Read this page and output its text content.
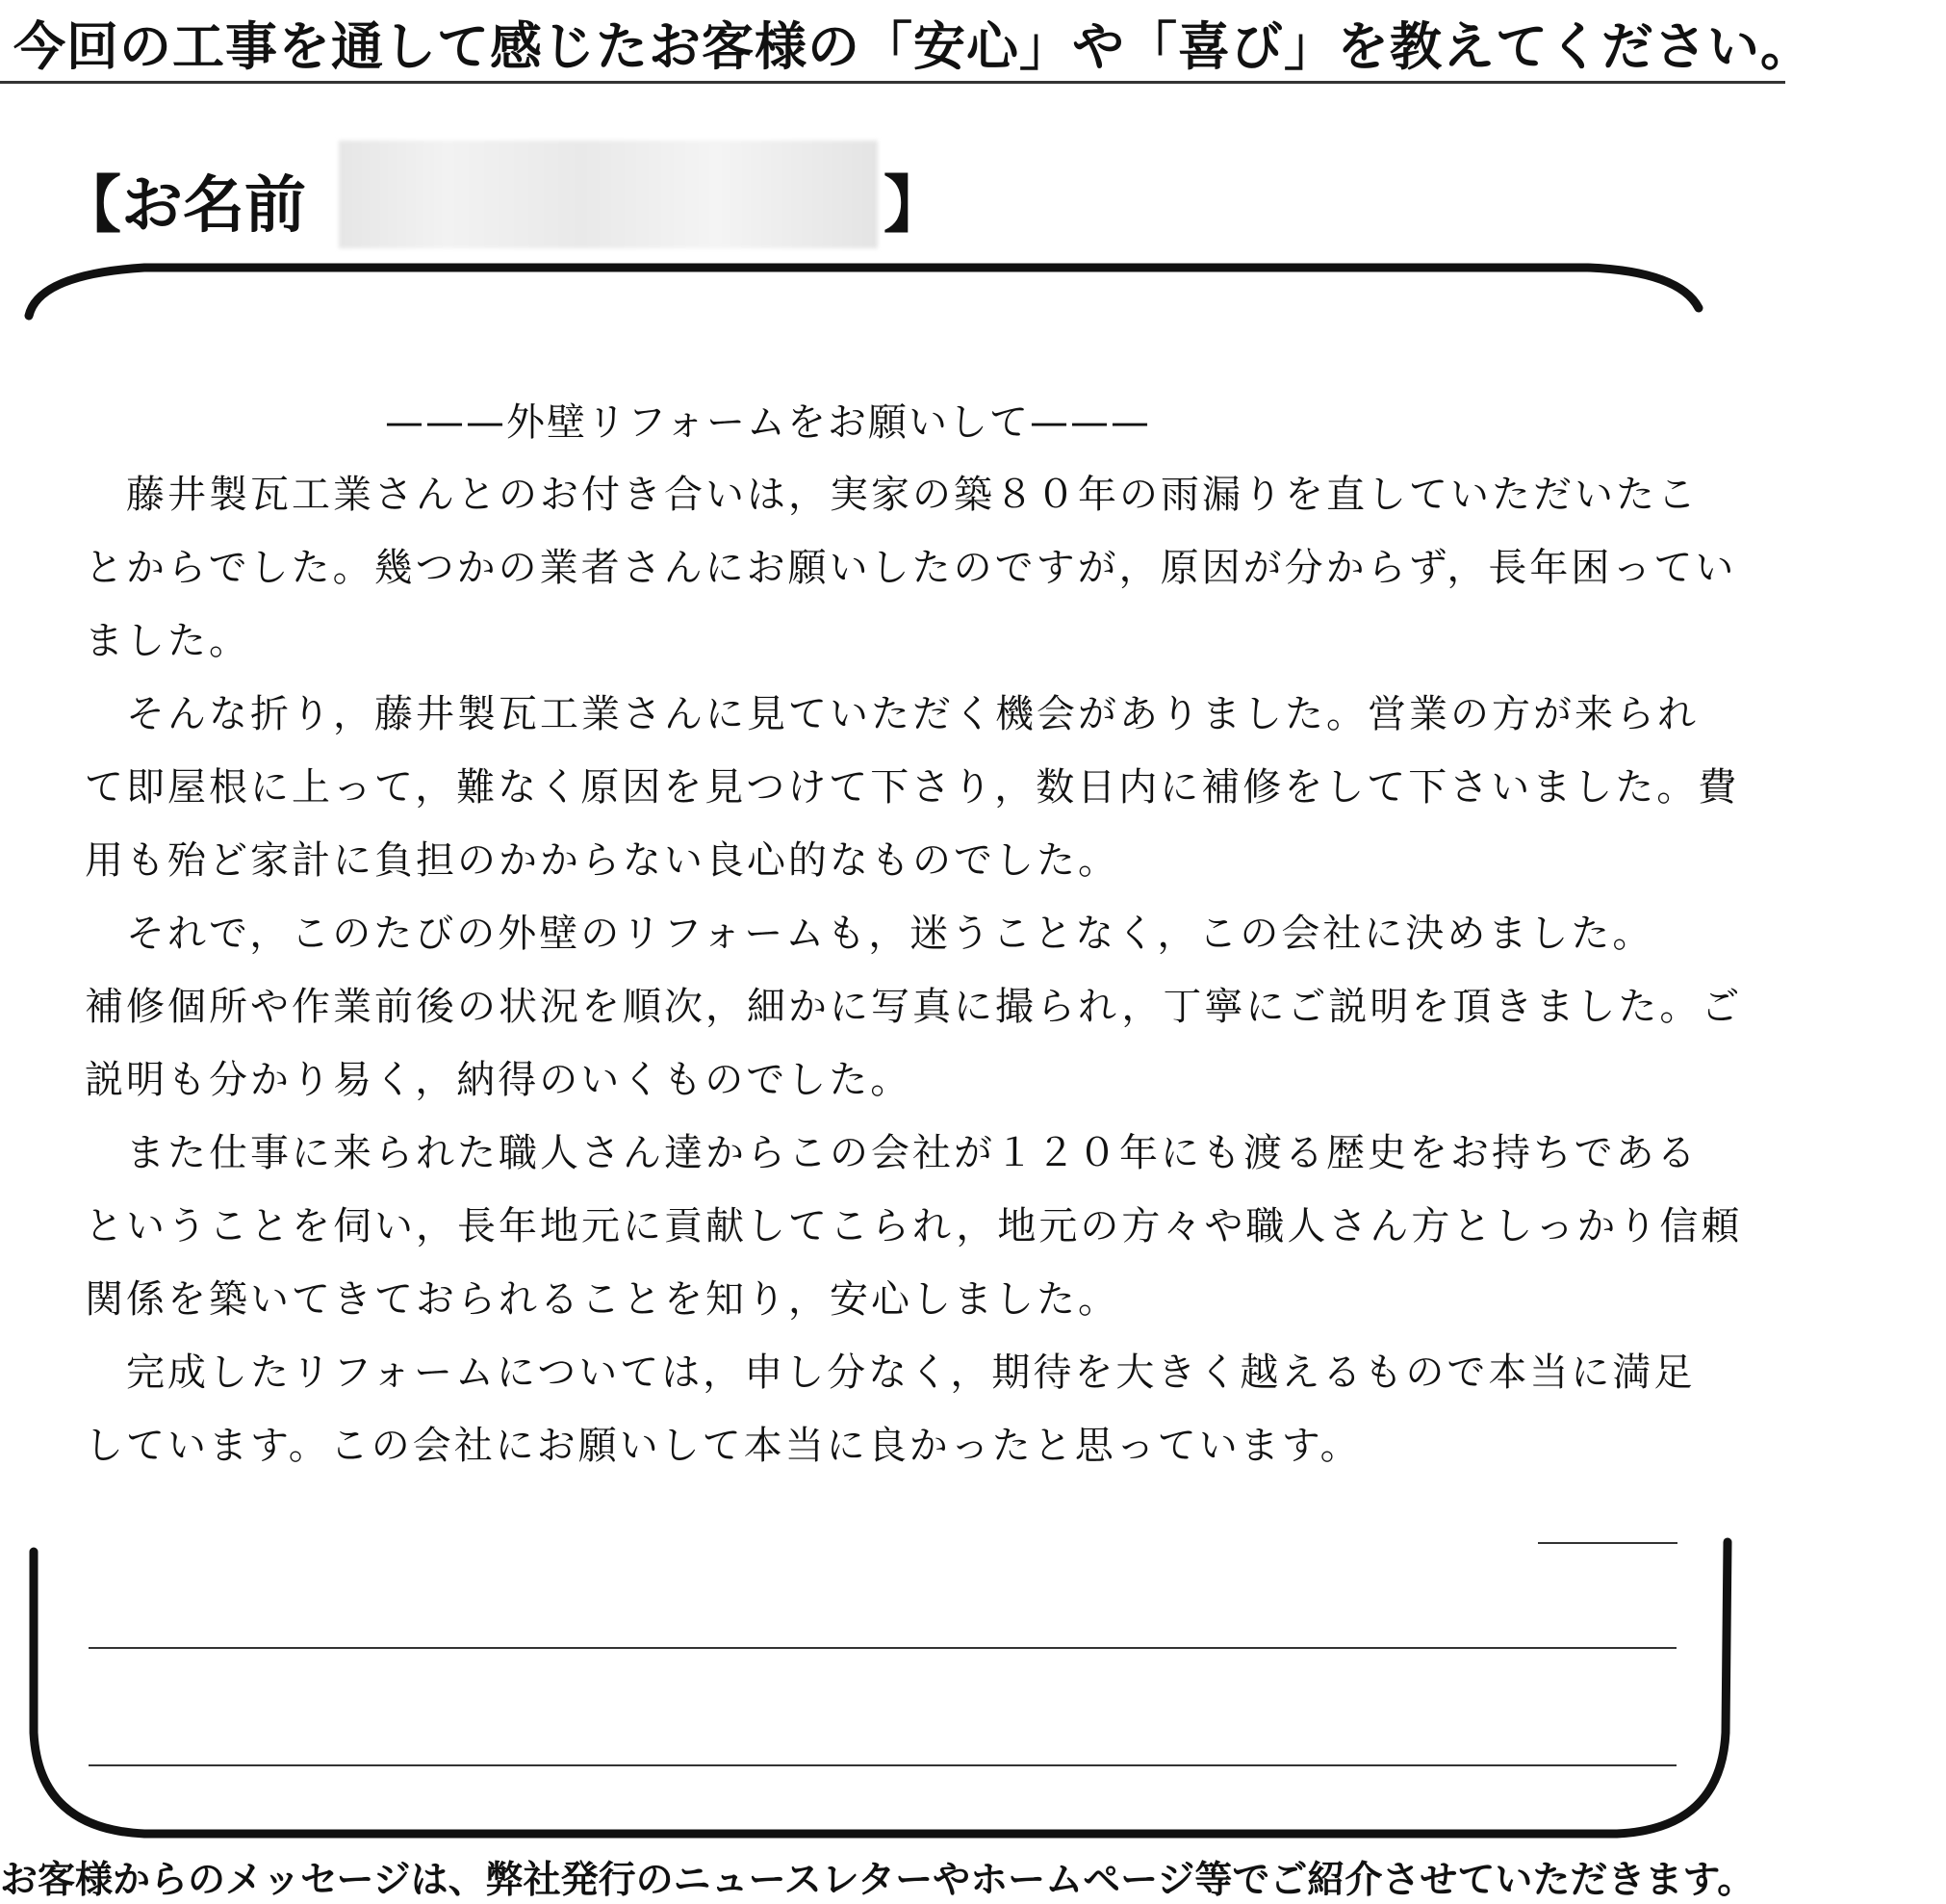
今回の工事を通して感じたお客様の「安心」や「喜び」を教えてください。
【お名前	】
———外壁リフォームをお願いして———
　藤井製瓦工業さんとのお付き合いは，実家の築８０年の雨漏りを直していただいたこ
とからでした。幾つかの業者さんにお願いしたのですが，原因が分からず，長年困ってい
ました。
　そんな折り，藤井製瓦工業さんに見ていただく機会がありました。営業の方が来られ
て即屋根に上って，難なく原因を見つけて下さり，数日内に補修をして下さいました。費
用も殆ど家計に負担のかからない良心的なものでした。
　それで，このたびの外壁のリフォームも，迷うことなく，この会社に決めました。
補修個所や作業前後の状況を順次，細かに写真に撮られ，丁寧にご説明を頂きました。ご
説明も分かり易く，納得のいくものでした。
　また仕事に来られた職人さん達からこの会社が１２０年にも渡る歴史をお持ちである
ということを伺い，長年地元に貢献してこられ，地元の方々や職人さん方としっかり信頼
関係を築いてきておられることを知り，安心しました。
　完成したリフォームについては，申し分なく，期待を大きく越えるもので本当に満足
しています。この会社にお願いして本当に良かったと思っています。
お客様からのメッセージは、弊社発行のニュースレターやホームページ等でご紹介させていただきます。
